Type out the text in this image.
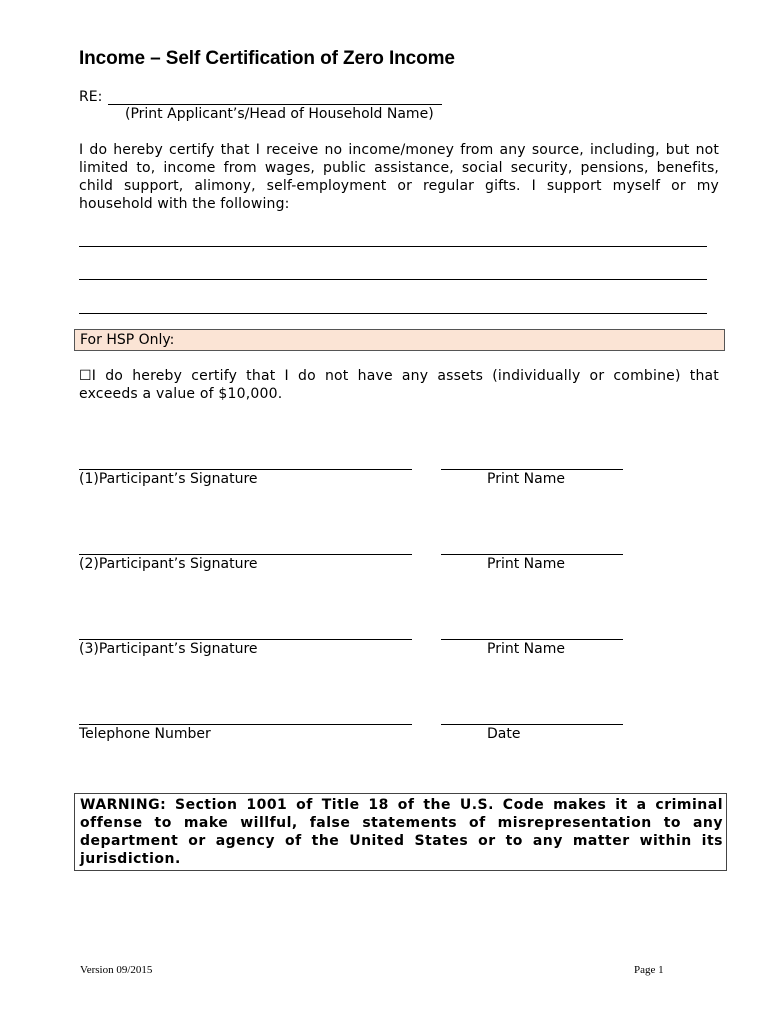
Income – Self Certification of Zero Income
RE:
(Print Applicant’s/Head of Household Name)
I do hereby certify that I receive no income/money from any source, including, but not limited to, income from wages, public assistance, social security, pensions, benefits, child support, alimony, self-employment or regular gifts. I support myself or my household with the following:
For HSP Only:
☐I do hereby certify that I do not have any assets (individually or combine) that exceeds a value of $10,000.
(1)Participant’s Signature	Print Name
(2)Participant’s Signature	Print Name
(3)Participant’s Signature	Print Name
Telephone Number	Date

WARNING: Section 1001 of Title 18 of the U.S. Code makes it a criminal offense to make willful, false statements of misrepresentation to any department or agency of the United States or to any matter within its jurisdiction.

Version 09/2015	Page 1
